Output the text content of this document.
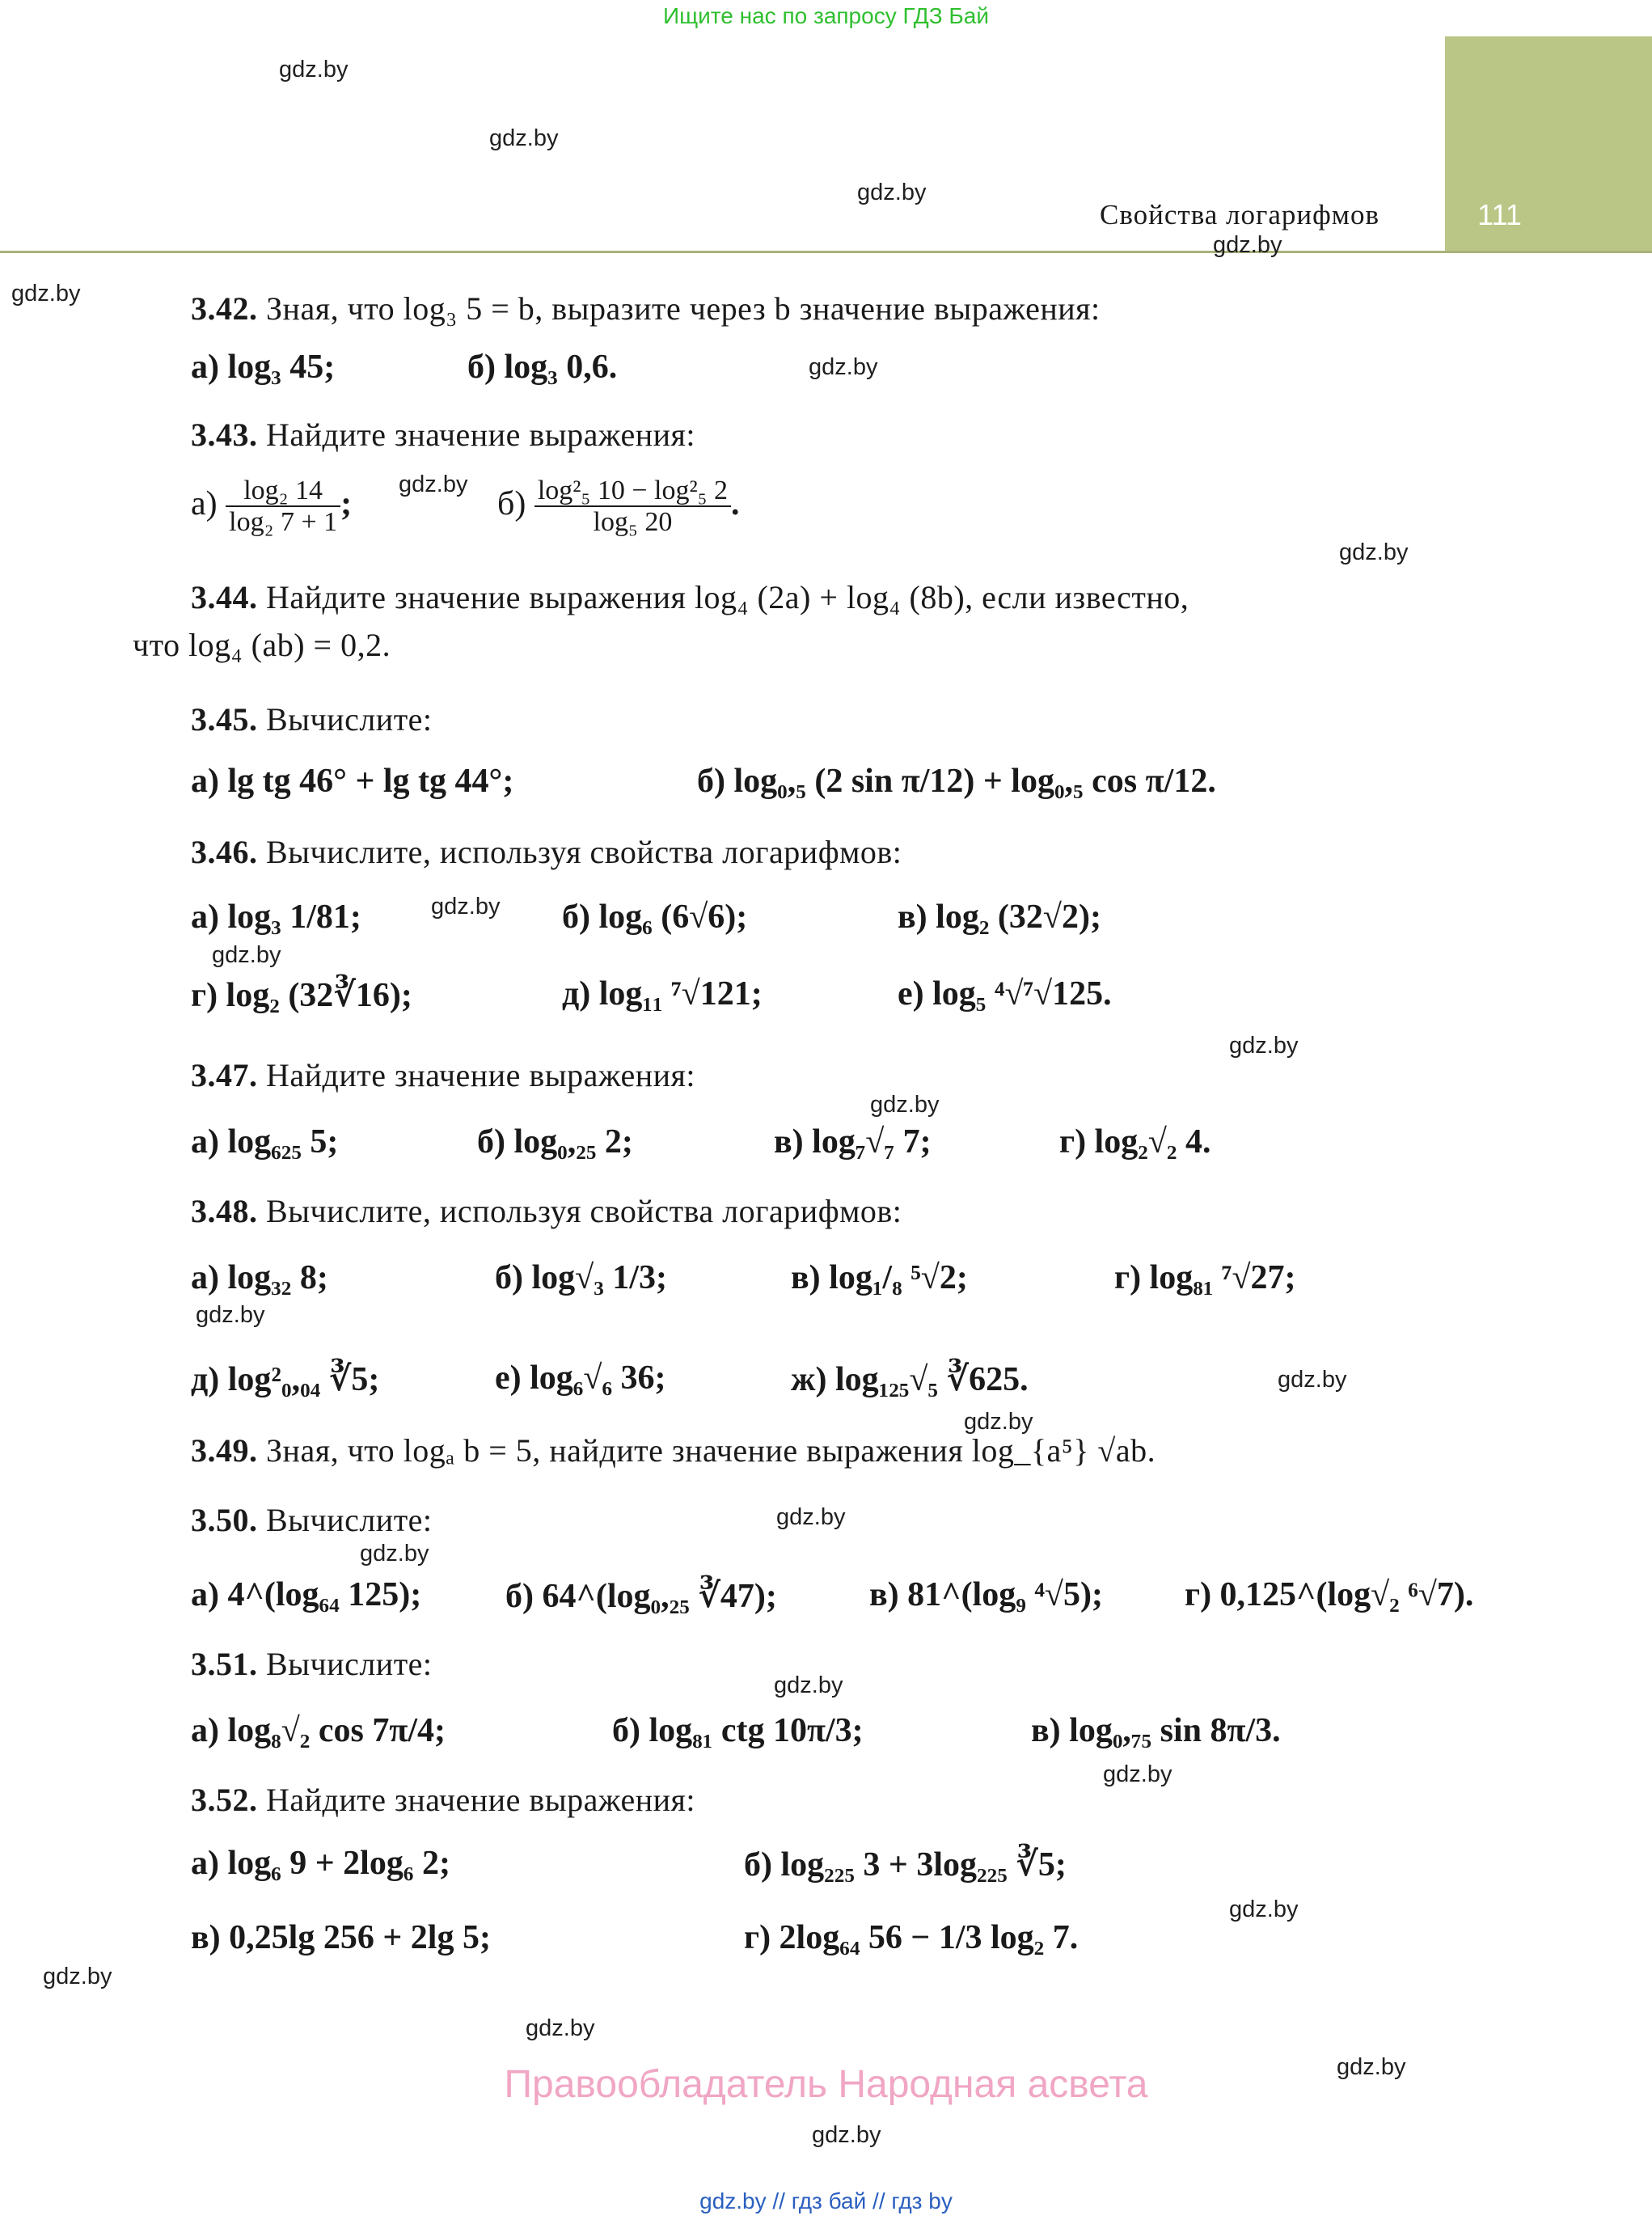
Ищите нас по запросу ГДЗ Бай
111
Свойства логарифмов
gdz.by
gdz.by
gdz.by
gdz.by
gdz.by
gdz.by
gdz.by
gdz.by
gdz.by
gdz.by
gdz.by
gdz.by
gdz.by
gdz.by
gdz.by
gdz.by
gdz.by
gdz.by
gdz.by
gdz.by
gdz.by
gdz.by
gdz.by
gdz.by
3.42. Зная, что log₃ 5 = b, выразите через b значение выражения:
а) log₃ 45;	б) log₃ 0,6.
3.43. Найдите значение выражения:
$а) \frac{\text{log₂ 14}}{\text{log₂ 7 + 1}}$ ;	$б) \frac{\text{log²₅ 10 − log²₅ 2}}{\text{log₅ 20}}$ .
3.44. Найдите значение выражения log₄ (2a) + log₄ (8b), если известно,
что log₄ (ab) = 0,2.
3.45. Вычислите:
а) lg tg 46° + lg tg 44°;	б) log₀,₅ (2 sin π/12) + log₀,₅ cos π/12.
3.46. Вычислите, используя свойства логарифмов:
а) log₃ 1/81;	б) log₆ (6√6);	в) log₂ (32√2);
г) log₂ (32∛16);	д) log₁₁ ⁷√121;	е) log₅ ⁴√⁷√125.
3.47. Найдите значение выражения:
а) log₆₂₅ 5;	б) log₀,₂₅ 2;	в) log₇√₇ 7;	г) log₂√₂ 4.
3.48. Вычислите, используя свойства логарифмов:
а) log₃₂ 8;	б) log√₃ 1/3;	в) log₁/₈ ⁵√2;	г) log₈₁ ⁷√27;
д) log²₀,₀₄ ∛5;	е) log₆√₆ 36;	ж) log₁₂₅√₅ ∛625.
3.49. Зная, что logₐ b = 5, найдите значение выражения log_{a⁵} √ab.
3.50. Вычислите:
а) 4^(log₆₄ 125); б) 64^(log₀,₂₅ ∛47);	в) 81^(log₉ ⁴√5); г) 0,125^(log√₂ ⁶√7).
3.51. Вычислите:
а) log₈√₂ cos 7π/4;	б) log₈₁ ctg 10π/3;	в) log₀,₇₅ sin 8π/3.
3.52. Найдите значение выражения:
а) log₆ 9 + 2log₆ 2;	б) log₂₂₅ 3 + 3log₂₂₅ ∛5;
в) 0,25lg 256 + 2lg 5;	г) 2log₆₄ 56 − 1/3 log₂ 7.
Правообладатель Народная асвета
gdz.by // гдз бай // гдз by
